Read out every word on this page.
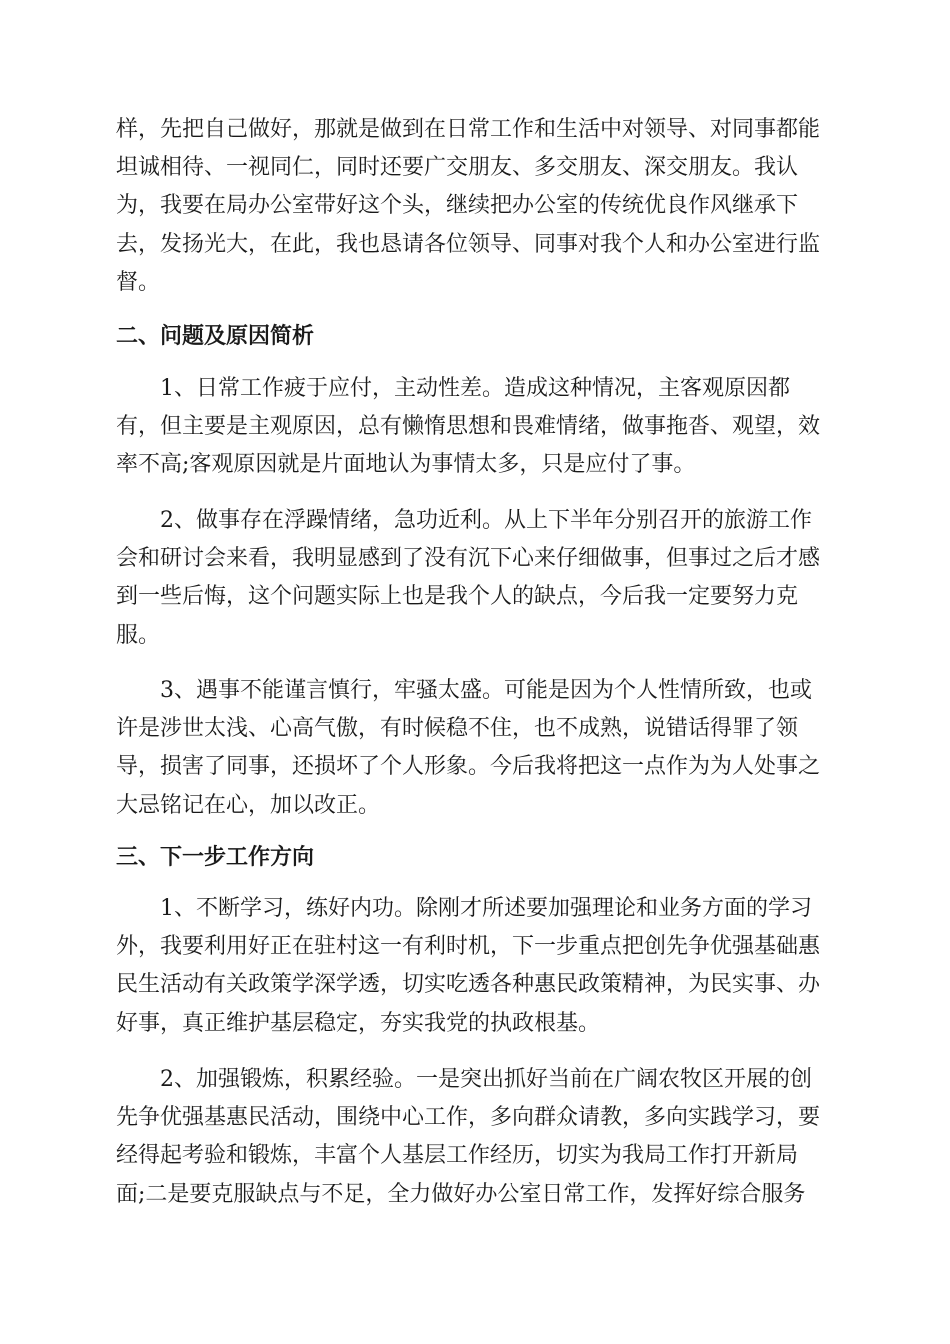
样，先把自己做好，那就是做到在日常工作和生活中对领导、对同事都能
坦诚相待、一视同仁，同时还要广交朋友、多交朋友、深交朋友。我认
为，我要在局办公室带好这个头，继续把办公室的传统优良作风继承下
去，发扬光大，在此，我也恳请各位领导、同事对我个人和办公室进行监
督。
二、问题及原因简析
　　1、日常工作疲于应付，主动性差。造成这种情况，主客观原因都
有，但主要是主观原因，总有懒惰思想和畏难情绪，做事拖沓、观望，效
率不高;客观原因就是片面地认为事情太多，只是应付了事。
　　2、做事存在浮躁情绪，急功近利。从上下半年分别召开的旅游工作
会和研讨会来看，我明显感到了没有沉下心来仔细做事，但事过之后才感
到一些后悔，这个问题实际上也是我个人的缺点，今后我一定要努力克
服。
　　3、遇事不能谨言慎行，牢骚太盛。可能是因为个人性情所致，也或
许是涉世太浅、心高气傲，有时候稳不住，也不成熟，说错话得罪了领
导，损害了同事，还损坏了个人形象。今后我将把这一点作为为人处事之
大忌铭记在心，加以改正。
三、下一步工作方向
　　1、不断学习，练好内功。除刚才所述要加强理论和业务方面的学习
外，我要利用好正在驻村这一有利时机，下一步重点把创先争优强基础惠
民生活动有关政策学深学透，切实吃透各种惠民政策精神，为民实事、办
好事，真正维护基层稳定，夯实我党的执政根基。
　　2、加强锻炼，积累经验。一是突出抓好当前在广阔农牧区开展的创
先争优强基惠民活动，围绕中心工作，多向群众请教，多向实践学习，要
经得起考验和锻炼，丰富个人基层工作经历，切实为我局工作打开新局
面;二是要克服缺点与不足，全力做好办公室日常工作，发挥好综合服务
